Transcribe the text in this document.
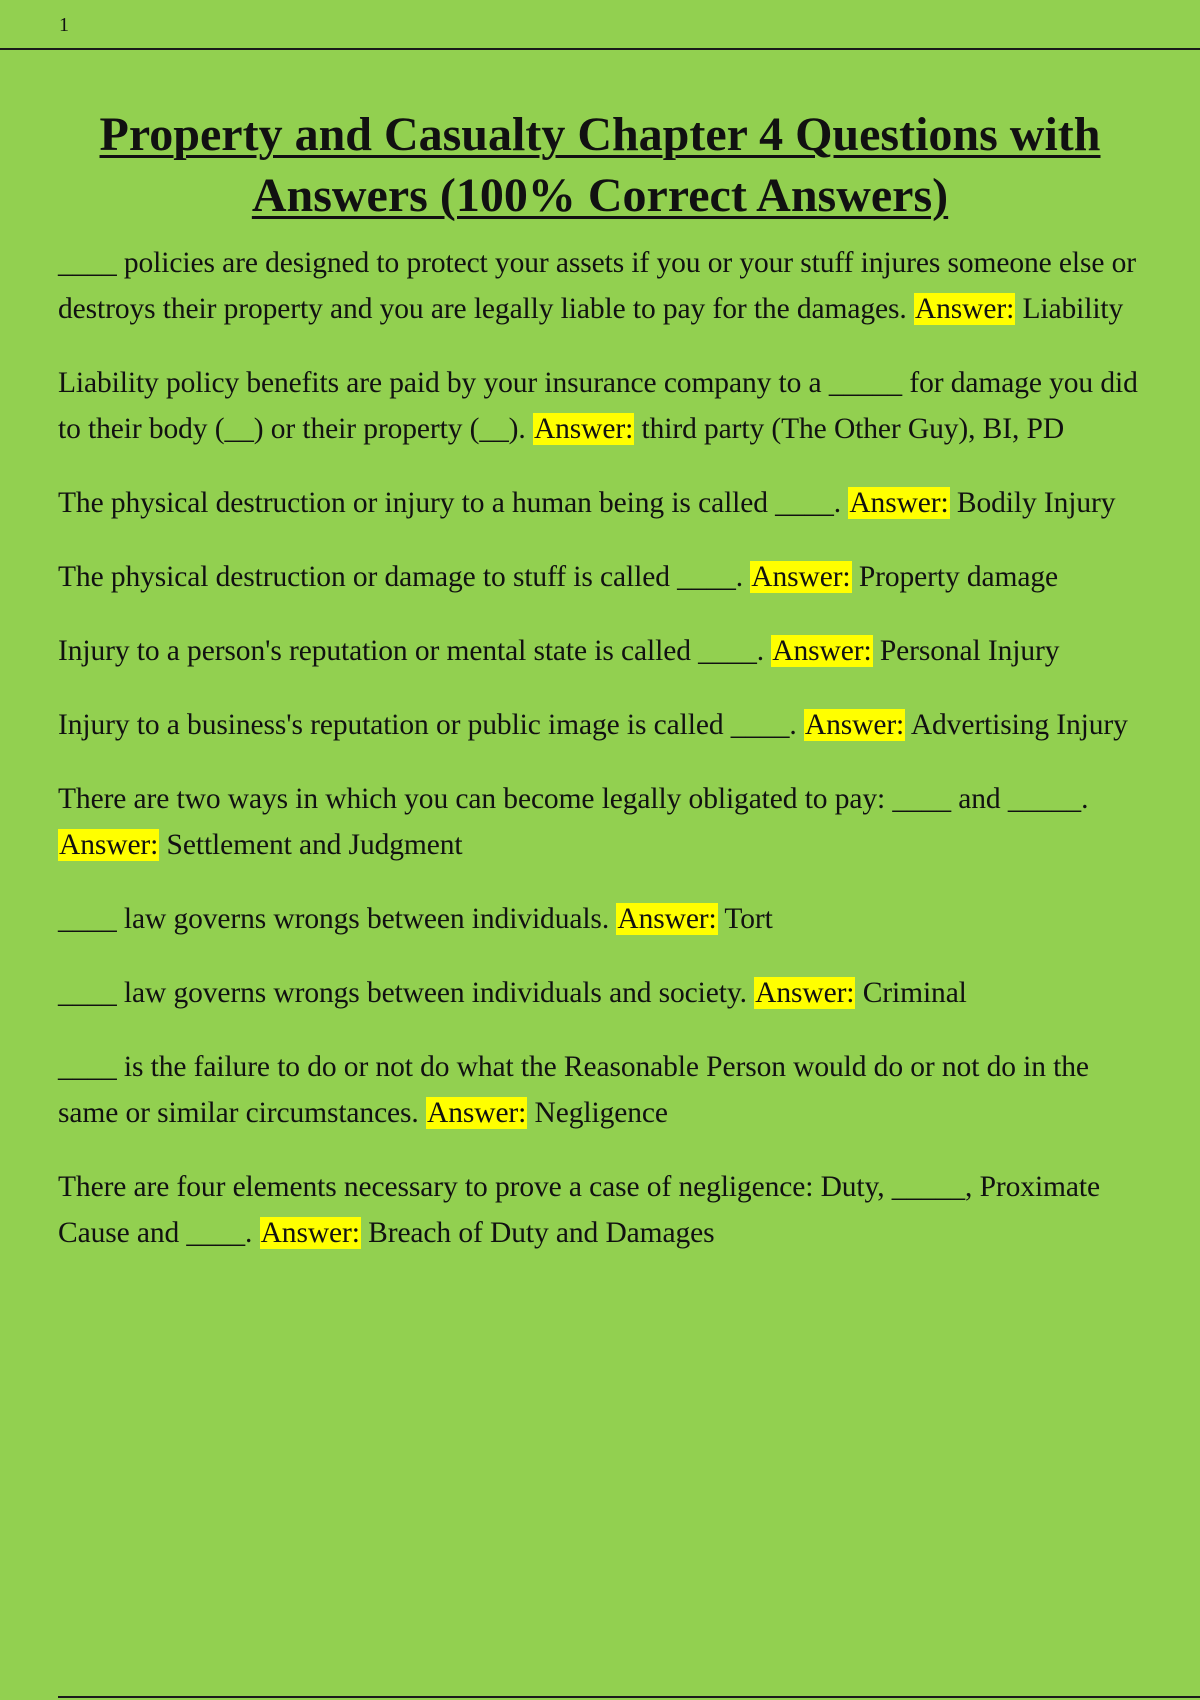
1
Property and Casualty Chapter 4 Questions with Answers (100% Correct Answers)

____ policies are designed to protect your assets if you or your stuff injures someone else or destroys their property and you are legally liable to pay for the damages. Answer: Liability

Liability policy benefits are paid by your insurance company to a _____ for damage you did to their body (__) or their property (__). Answer: third party (The Other Guy), BI, PD

The physical destruction or injury to a human being is called ____. Answer: Bodily Injury

The physical destruction or damage to stuff is called ____. Answer: Property damage

Injury to a person's reputation or mental state is called ____. Answer: Personal Injury

Injury to a business's reputation or public image is called ____. Answer: Advertising Injury

There are two ways in which you can become legally obligated to pay: ____ and _____. Answer: Settlement and Judgment

____ law governs wrongs between individuals. Answer: Tort

____ law governs wrongs between individuals and society. Answer: Criminal

____ is the failure to do or not do what the Reasonable Person would do or not do in the same or similar circumstances. Answer: Negligence

There are four elements necessary to prove a case of negligence: Duty, _____, Proximate Cause and ____. Answer: Breach of Duty and Damages
